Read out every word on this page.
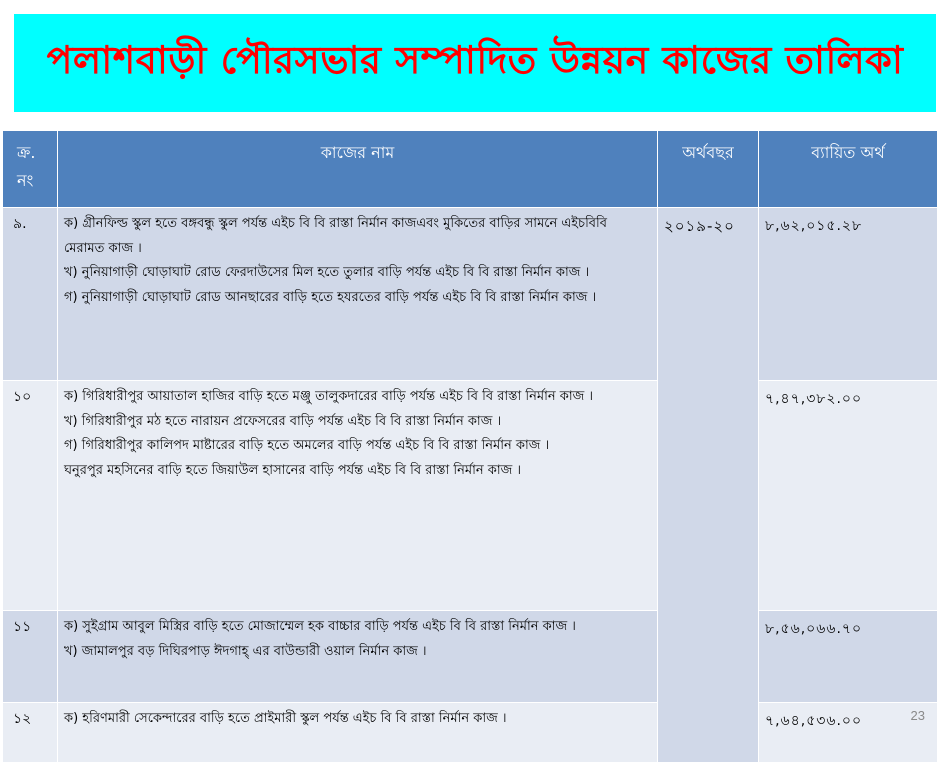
পলাশবাড়ী পৌরসভার সম্পাদিত উন্নয়ন কাজের তালিকা
ক্র.
নং	কাজের নাম	অর্থবছর	ব্যায়িত অর্থ
৯.	ক) গ্রীনফিল্ড স্কুল হতে বঙ্গবন্ধু স্কুল পর্যন্ত এইচ বি বি রাস্তা নির্মান কাজএবং মুকিতের বাড়ির সামনে এইচবিবি মেরামত কাজ ।
খ) নুনিয়াগাড়ী ঘোড়াঘাট রোড ফেরদাউসের মিল হতে তুলার বাড়ি পর্যন্ত এইচ বি বি রাস্তা নির্মান কাজ ।
গ) নুনিয়াগাড়ী ঘোড়াঘাট রোড আনছারের বাড়ি হতে হযরতের বাড়ি পর্যন্ত এইচ বি বি রাস্তা নির্মান কাজ ।	২০১৯-২০	৮,৬২,০১৫.২৮
১০	ক) গিরিধারীপুর আয়াতাল হাজির বাড়ি হতে মঞ্জু তালুকদারের বাড়ি পর্যন্ত এইচ বি বি রাস্তা নির্মান কাজ ।
খ) গিরিধারীপুর মঠ হতে নারায়ন প্রফেসরের বাড়ি পর্যন্ত এইচ বি বি রাস্তা নির্মান কাজ ।
গ) গিরিধারীপুর কালিপদ মাষ্টারের বাড়ি হতে অমলের বাড়ি পর্যন্ত এইচ বি বি রাস্তা নির্মান কাজ ।
ঘনুরপুর মহসিনের বাড়ি হতে জিয়াউল হাসানের বাড়ি পর্যন্ত এইচ বি বি রাস্তা নির্মান কাজ ।		৭,৪৭,৩৮২.০০
১১	ক) সুইগ্রাম আবুল মিস্ত্রির বাড়ি হতে মোজাম্মেল হক বাচ্চার বাড়ি পর্যন্ত এইচ বি বি রাস্তা নির্মান কাজ ।
খ) জামালপুর বড় দিঘিরপাড় ঈদগাহ্ এর বাউন্ডারী ওয়াল নির্মান কাজ ।		৮,৫৬,০৬৬.৭০
১২	ক) হরিণমারী সেকেন্দারের বাড়ি হতে প্রাইমারী স্কুল পর্যন্ত এইচ বি বি রাস্তা নির্মান কাজ ।		৭,৬৪,৫৩৬.০০	23
